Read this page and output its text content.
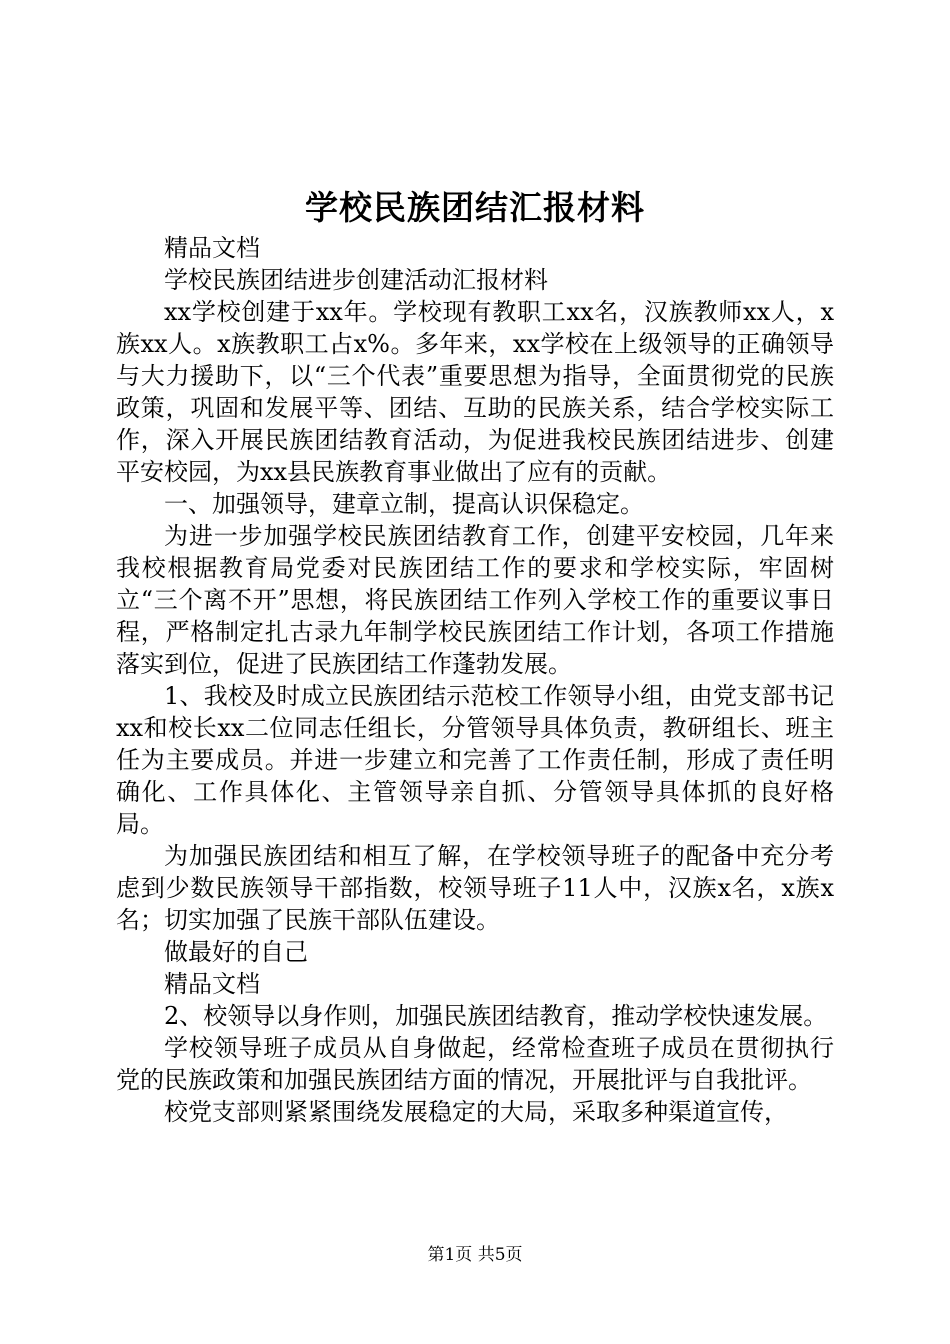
学校民族团结汇报材料

精品文档

学校民族团结进步创建活动汇报材料

xx学校创建于xx年。学校现有教职工xx名，汉族教师xx人，x族xx人。x族教职工占x%。多年来，xx学校在上级领导的正确领导与大力援助下，以“三个代表”重要思想为指导，全面贯彻党的民族政策，巩固和发展平等、团结、互助的民族关系，结合学校实际工作，深入开展民族团结教育活动，为促进我校民族团结进步、创建平安校园，为xx县民族教育事业做出了应有的贡献。

一、加强领导，建章立制，提高认识保稳定。

为进一步加强学校民族团结教育工作，创建平安校园，几年来我校根据教育局党委对民族团结工作的要求和学校实际，牢固树立“三个离不开”思想，将民族团结工作列入学校工作的重要议事日程，严格制定扎古录九年制学校民族团结工作计划，各项工作措施落实到位，促进了民族团结工作蓬勃发展。

1、我校及时成立民族团结示范校工作领导小组，由党支部书记xx和校长xx二位同志任组长，分管领导具体负责，教研组长、班主任为主要成员。并进一步建立和完善了工作责任制，形成了责任明确化、工作具体化、主管领导亲自抓、分管领导具体抓的良好格局。

为加强民族团结和相互了解，在学校领导班子的配备中充分考虑到少数民族领导干部指数，校领导班子11人中，汉族x名，x族x名；切实加强了民族干部队伍建设。

做最好的自己

精品文档

2、校领导以身作则，加强民族团结教育，推动学校快速发展。

学校领导班子成员从自身做起，经常检查班子成员在贯彻执行党的民族政策和加强民族团结方面的情况，开展批评与自我批评。

校党支部则紧紧围绕发展稳定的大局，采取多种渠道宣传，

第1页 共5页
